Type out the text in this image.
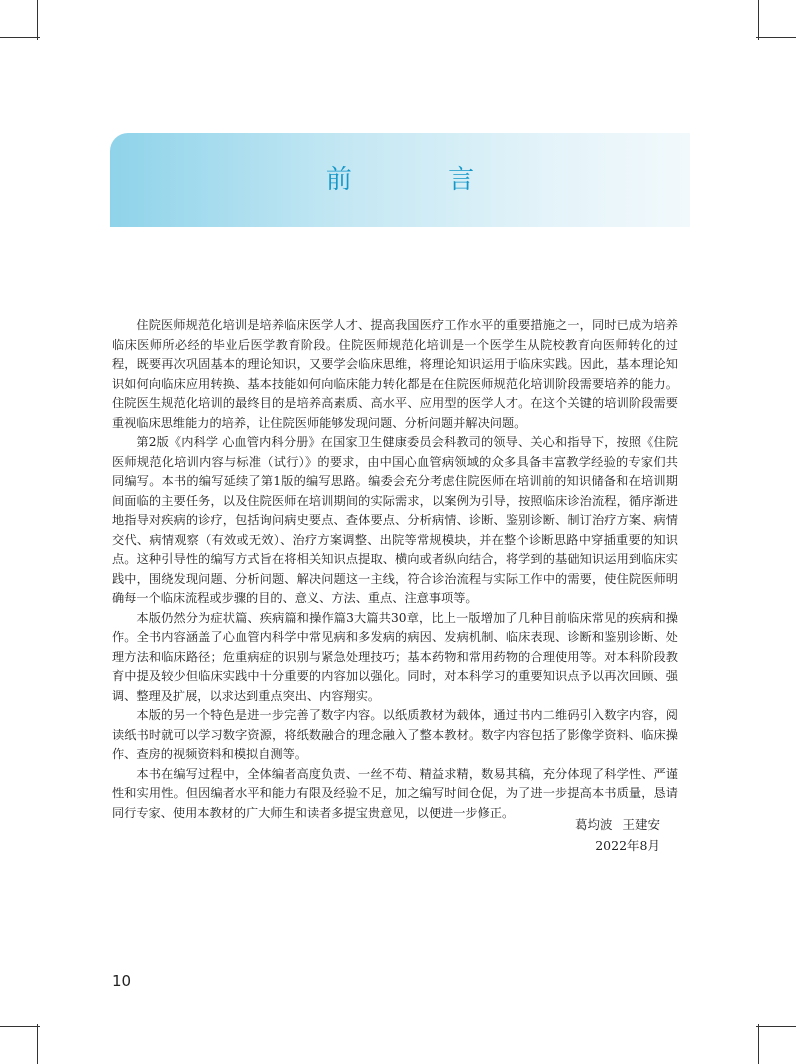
前 言

住院医师规范化培训是培养临床医学人才、提高我国医疗工作水平的重要措施之一，同时已成为培养临床医师所必经的毕业后医学教育阶段。住院医师规范化培训是一个医学生从院校教育向医师转化的过程，既要再次巩固基本的理论知识，又要学会临床思维，将理论知识运用于临床实践。因此，基本理论知识如何向临床应用转换、基本技能如何向临床能力转化都是在住院医师规范化培训阶段需要培养的能力。住院医生规范化培训的最终目的是培养高素质、高水平、应用型的医学人才。在这个关键的培训阶段需要重视临床思维能力的培养，让住院医师能够发现问题、分析问题并解决问题。

第2版《内科学 心血管内科分册》在国家卫生健康委员会科教司的领导、关心和指导下，按照《住院医师规范化培训内容与标准（试行）》的要求，由中国心血管病领域的众多具备丰富教学经验的专家们共同编写。本书的编写延续了第1版的编写思路。编委会充分考虑住院医师在培训前的知识储备和在培训期间面临的主要任务，以及住院医师在培训期间的实际需求，以案例为引导，按照临床诊治流程，循序渐进地指导对疾病的诊疗，包括询问病史要点、查体要点、分析病情、诊断、鉴别诊断、制订治疗方案、病情交代、病情观察（有效或无效）、治疗方案调整、出院等常规模块，并在整个诊断思路中穿插重要的知识点。这种引导性的编写方式旨在将相关知识点提取、横向或者纵向结合，将学到的基础知识运用到临床实践中，围绕发现问题、分析问题、解决问题这一主线，符合诊治流程与实际工作中的需要，使住院医师明确每一个临床流程或步骤的目的、意义、方法、重点、注意事项等。

本版仍然分为症状篇、疾病篇和操作篇3大篇共30章，比上一版增加了几种目前临床常见的疾病和操作。全书内容涵盖了心血管内科学中常见病和多发病的病因、发病机制、临床表现、诊断和鉴别诊断、处理方法和临床路径；危重病症的识别与紧急处理技巧；基本药物和常用药物的合理使用等。对本科阶段教育中提及较少但临床实践中十分重要的内容加以强化。同时，对本科学习的重要知识点予以再次回顾、强调、整理及扩展，以求达到重点突出、内容翔实。

本版的另一个特色是进一步完善了数字内容。以纸质教材为载体，通过书内二维码引入数字内容，阅读纸书时就可以学习数字资源，将纸数融合的理念融入了整本教材。数字内容包括了影像学资料、临床操作、查房的视频资料和模拟自测等。

本书在编写过程中，全体编者高度负责、一丝不苟、精益求精，数易其稿，充分体现了科学性、严谨性和实用性。但因编者水平和能力有限及经验不足，加之编写时间仓促，为了进一步提高本书质量，恳请同行专家、使用本教材的广大师生和读者多提宝贵意见，以便进一步修正。

葛均波 王建安
2022年8月
10
